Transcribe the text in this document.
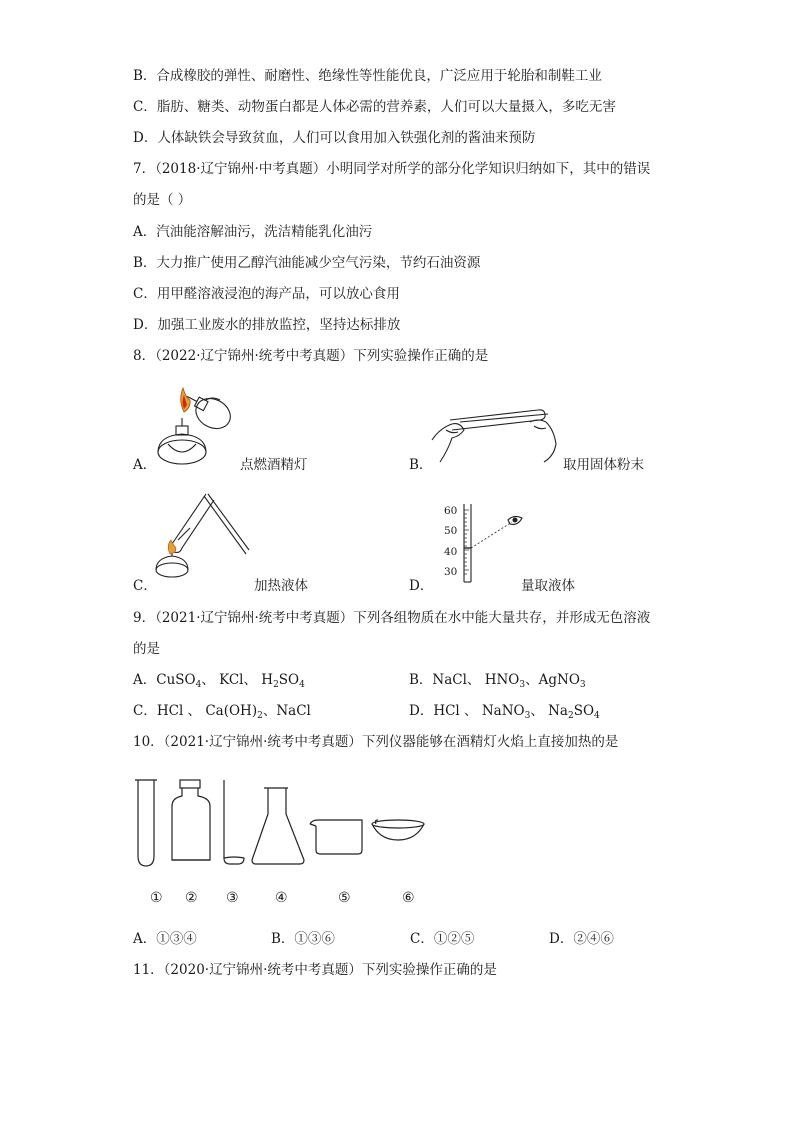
B．合成橡胶的弹性、耐磨性、绝缘性等性能优良，广泛应用于轮胎和制鞋工业
C．脂肪、糖类、动物蛋白都是人体必需的营养素，人们可以大量摄入，多吃无害
D．人体缺铁会导致贫血，人们可以食用加入铁强化剂的酱油来预防
7．（2018·辽宁锦州·中考真题）小明同学对所学的部分化学知识归纳如下，其中的错误
的是（ ）
A．汽油能溶解油污，洗洁精能乳化油污
B．大力推广使用乙醇汽油能减少空气污染，节约石油资源
C．用甲醛溶液浸泡的海产品，可以放心食用
D．加强工业废水的排放监控，坚持达标排放
8．（2022·辽宁锦州·统考中考真题）下列实验操作正确的是
A．	点燃酒精灯	B．	取用固体粉末
C．	加热液体
60
50
40
30
D．	量取液体
9．（2021·辽宁锦州·统考中考真题）下列各组物质在水中能大量共存，并形成无色溶液
的是
A．CuSO$_4$、 KCl、 $H_2SO_4$	B．NaCl、 $HNO_3$、AgNO$_3$
C．HCl 、 $Ca(OH)_2$、NaCl	D．HCl 、 NaNO$_3$、 $Na_2SO_4$
10．（2021·辽宁锦州·统考中考真题）下列仪器能够在酒精灯火焰上直接加热的是
① ② ③	④	⑤	⑥
A．①③④	B．①③⑥	C．①②⑤	D．②④⑥
11．（2020·辽宁锦州·统考中考真题）下列实验操作正确的是
